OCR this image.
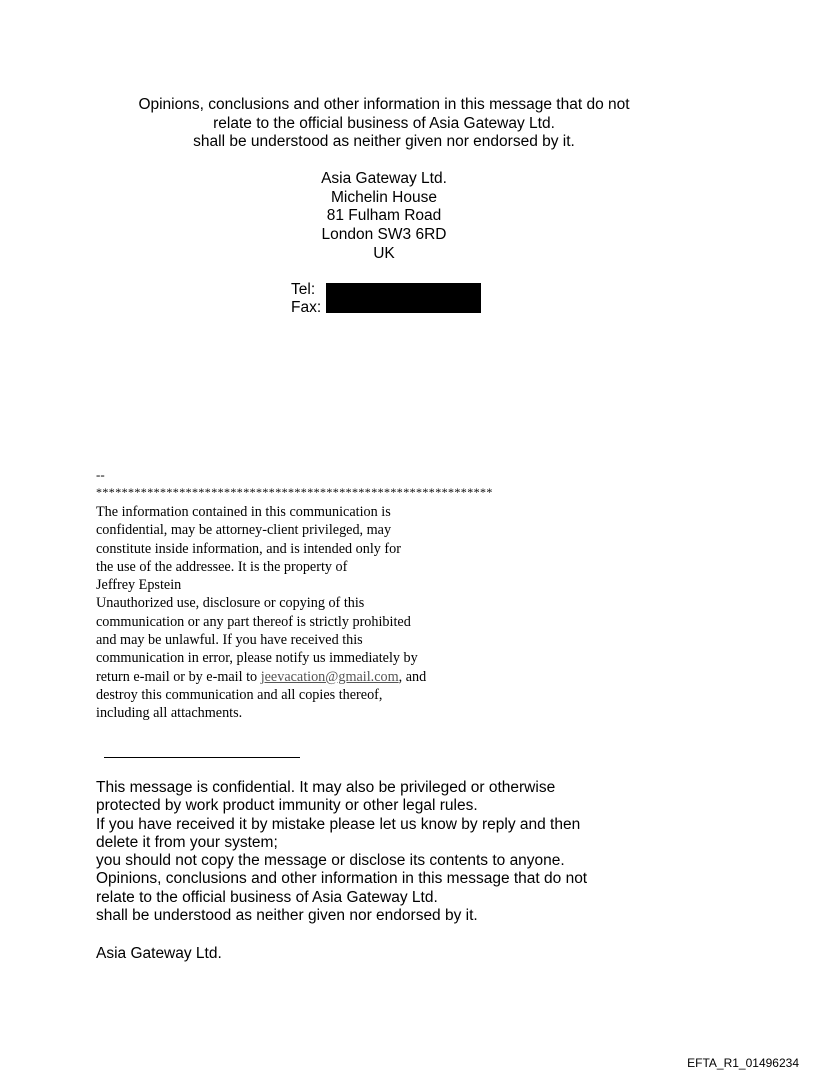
Opinions, conclusions and other information in this message that do not
relate to the official business of Asia Gateway Ltd.
shall be understood as neither given nor endorsed by it.
Asia Gateway Ltd.
Michelin House
81 Fulham Road
London SW3 6RD
UK
Tel:
Fax:
--
**************************************************************
The information contained in this communication is
confidential, may be attorney-client privileged, may
constitute inside information, and is intended only for
the use of the addressee. It is the property of
Jeffrey Epstein
Unauthorized use, disclosure or copying of this
communication or any part thereof is strictly prohibited
and may be unlawful. If you have received this
communication in error, please notify us immediately by
return e-mail or by e-mail to jeevacation@gmail.com, and
destroy this communication and all copies thereof,
including all attachments.
This message is confidential. It may also be privileged or otherwise
protected by work product immunity or other legal rules.
If you have received it by mistake please let us know by reply and then
delete it from your system;
you should not copy the message or disclose its contents to anyone.
Opinions, conclusions and other information in this message that do not
relate to the official business of Asia Gateway Ltd.
shall be understood as neither given nor endorsed by it.
Asia Gateway Ltd.
EFTA_R1_01496234
